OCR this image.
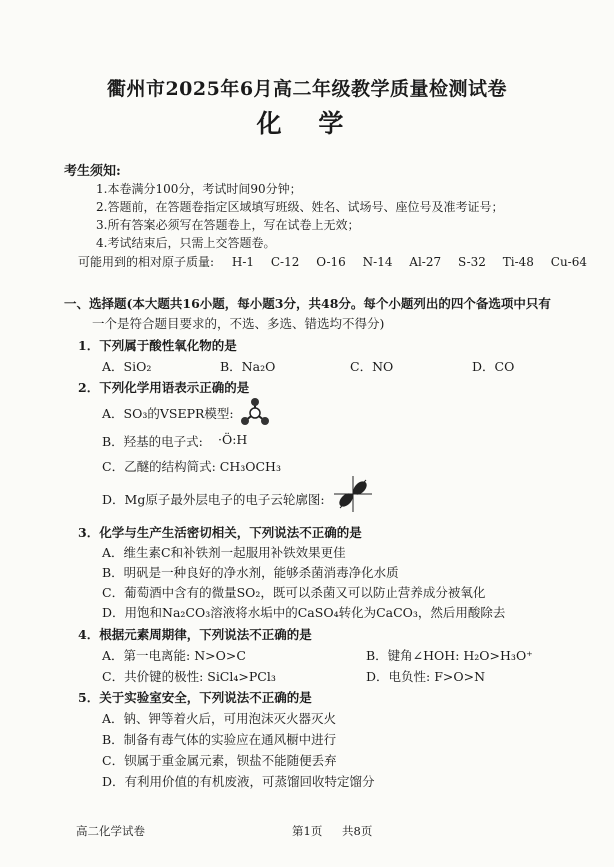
衢州市2025年6月高二年级教学质量检测试卷
化 学
考生须知:
1.本卷满分100分，考试时间90分钟；
2.答题前，在答题卷指定区域填写班级、姓名、试场号、座位号及准考证号；
3.所有答案必须写在答题卷上，写在试卷上无效；
4.考试结束后，只需上交答题卷。
可能用到的相对原子质量: H-1 C-12 O-16 N-14 Al-27 S-32 Ti-48 Cu-64
一、选择题(本大题共16小题，每小题3分，共48分。每个小题列出的四个备选项中只有
一个是符合题目要求的，不选、多选、错选均不得分)
1．下列属于酸性氧化物的是
A．SiO₂	B．Na₂O	C．NO	D．CO
2．下列化学用语表示正确的是
A．SO₃的VSEPR模型:
B．羟基的电子式: ·Ö:H
C．乙醚的结构简式: CH₃OCH₃
D．Mg原子最外层电子的电子云轮廓图:
3．化学与生产生活密切相关，下列说法不正确的是
A．维生素C和补铁剂一起服用补铁效果更佳
B．明矾是一种良好的净水剂，能够杀菌消毒净化水质
C．葡萄酒中含有的微量SO₂，既可以杀菌又可以防止营养成分被氧化
D．用饱和Na₂CO₃溶液将水垢中的CaSO₄转化为CaCO₃，然后用酸除去
4．根据元素周期律，下列说法不正确的是
A．第一电离能: N>O>C	B．键角∠HOH: H₂O>H₃O⁺
C．共价键的极性: SiCl₄>PCl₃	D．电负性: F>O>N
5．关于实验室安全，下列说法不正确的是
A．钠、钾等着火后，可用泡沫灭火器灭火
B．制备有毒气体的实验应在通风橱中进行
C．钡属于重金属元素，钡盐不能随便丢弃
D．有利用价值的有机废液，可蒸馏回收特定馏分
高二化学试卷	第1页 共8页
